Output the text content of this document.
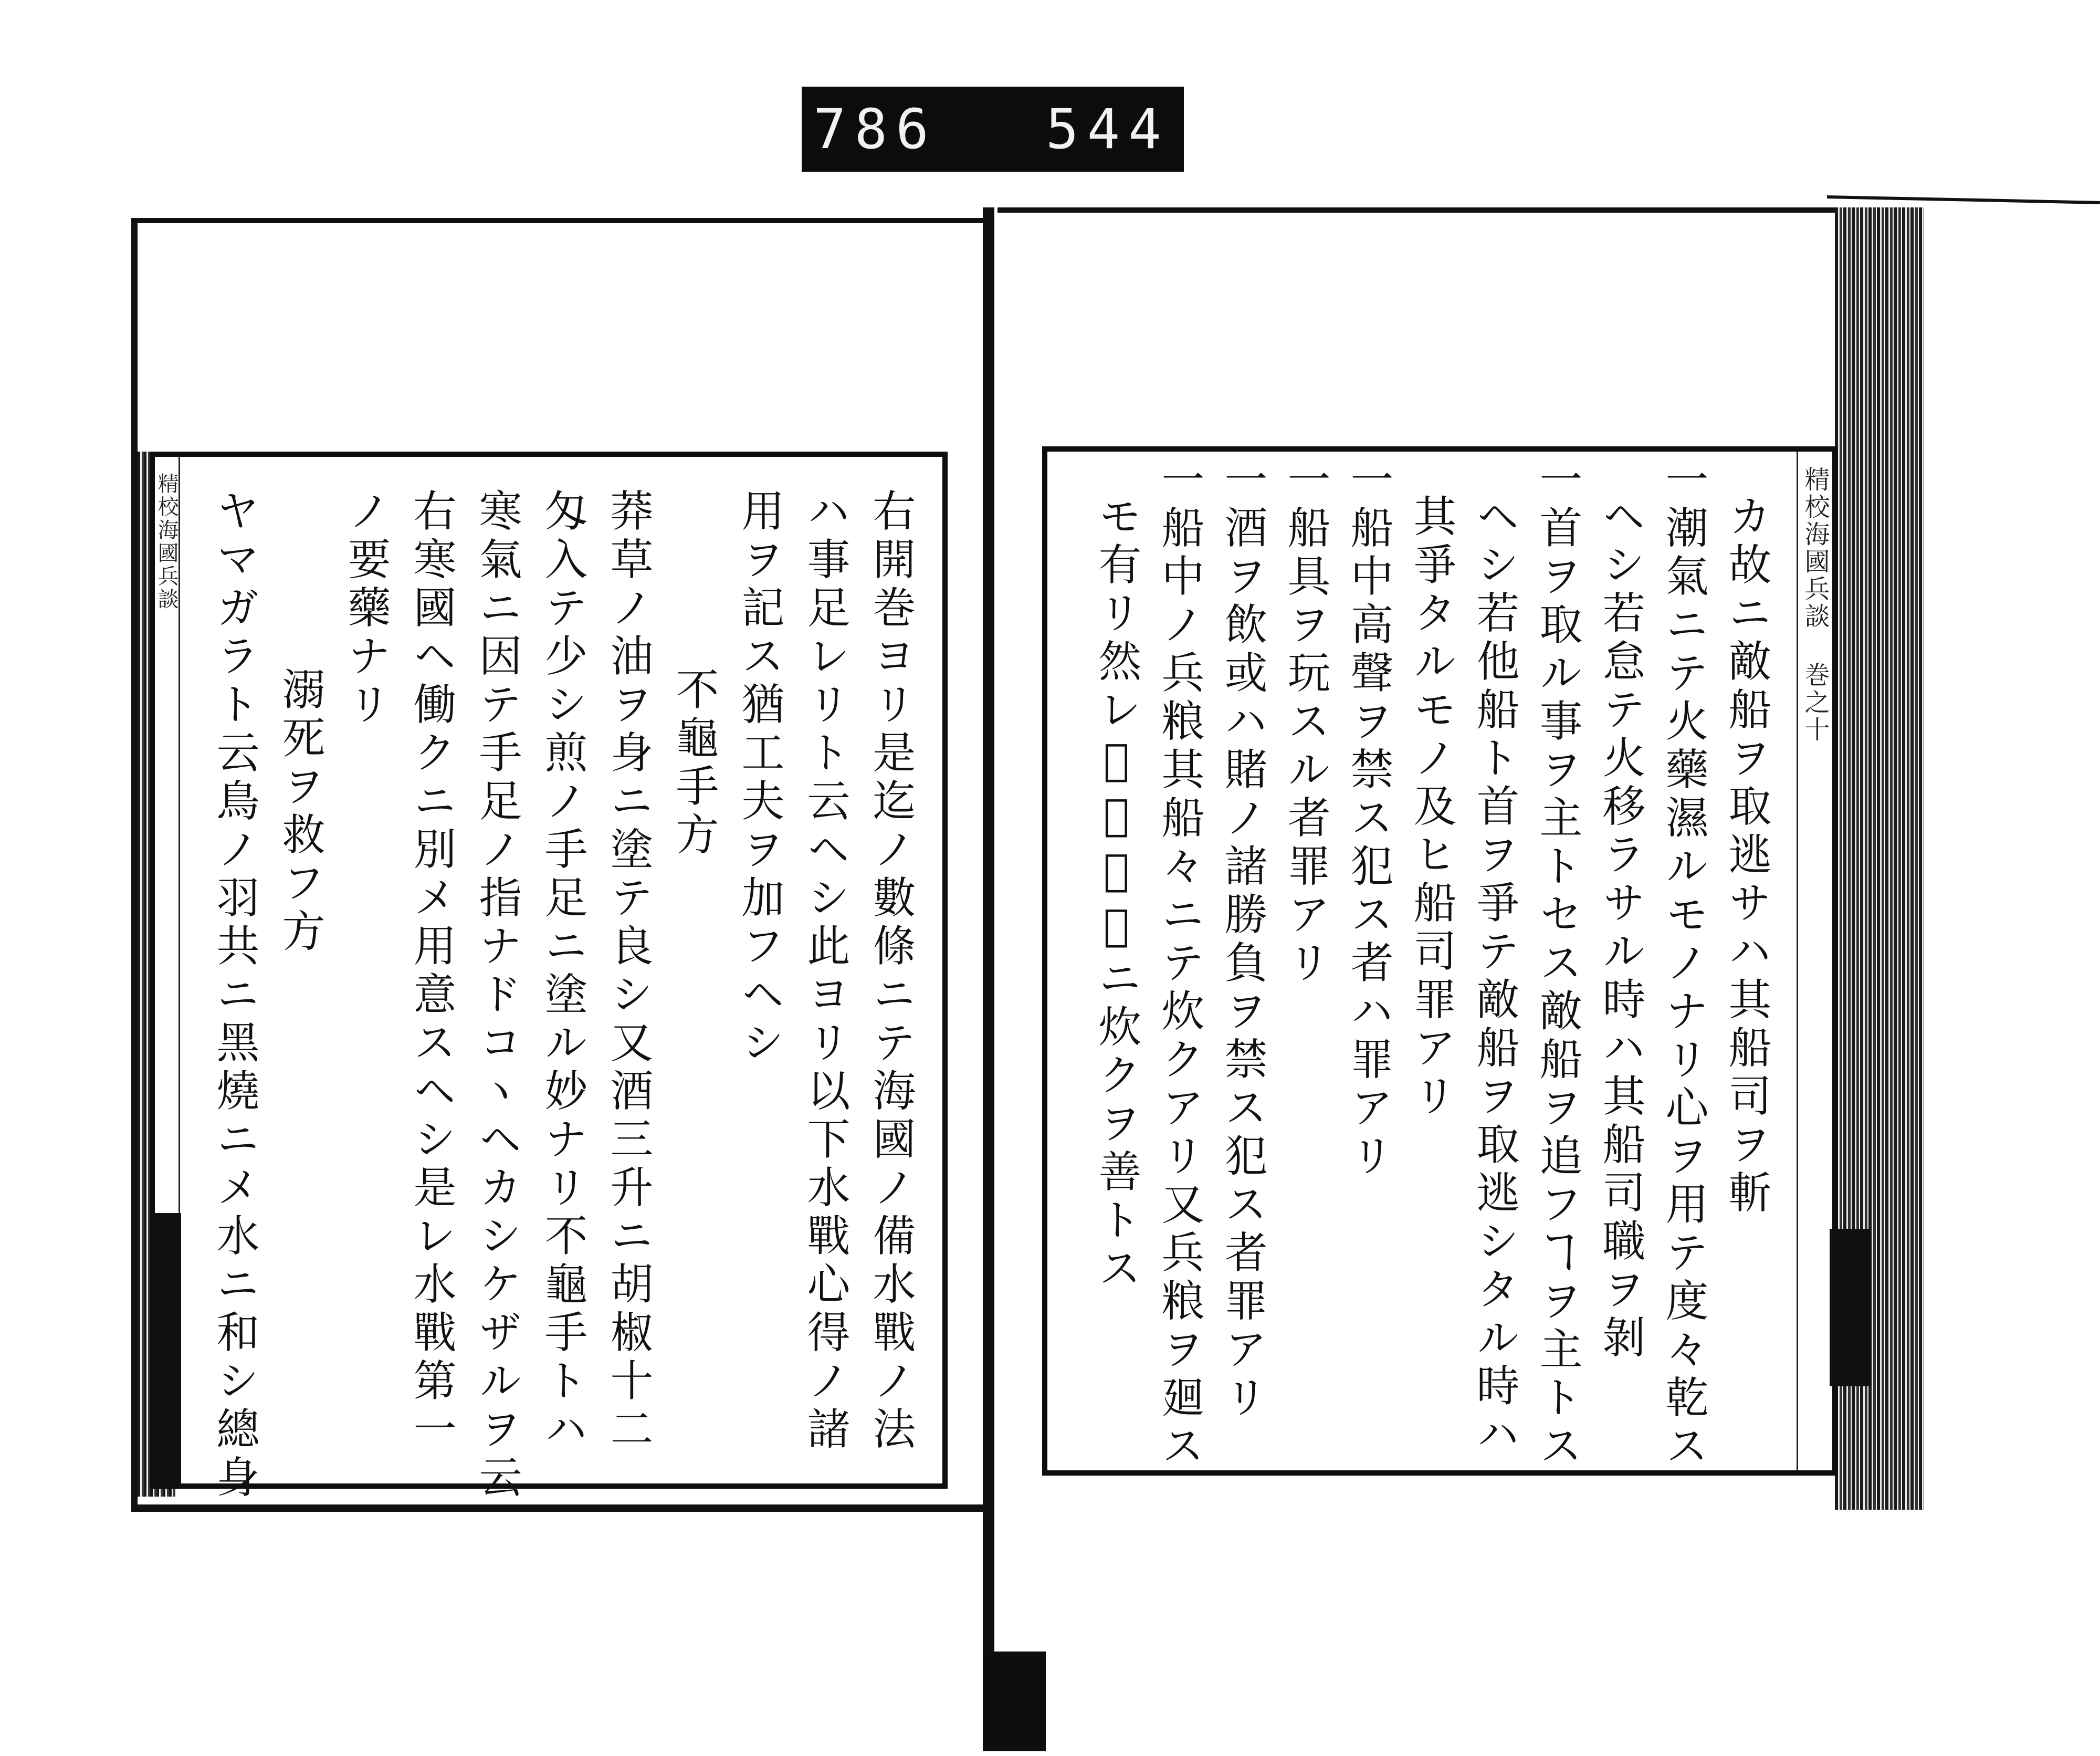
786 544
精校海國兵談	右開巻ヨリ是迄ノ數條ニテ海國ノ備水戰ノ法
ハ事足レリト云ヘシ此ヨリ以下水戰心得ノ諸
用ヲ記ス猶工夫ヲ加フヘシ
不龜手方
莽草ノ油ヲ身ニ塗テ良シ又酒三升ニ胡椒十二
匁入テ少シ煎ノ手足ニ塗ル妙ナリ不龜手トハ
寒氣ニ因テ手足ノ指ナドコヽヘカシケザルヲ云
右寒國ヘ働クニ別メ用意スヘシ是レ水戰第一
ノ要藥ナリ
溺死ヲ救フ方
ヤマガラト云鳥ノ羽共ニ黑燒ニメ水ニ和シ總身	精校海國兵談 巻之十
カ故ニ敵船ヲ取逃サハ其船司ヲ斬
一潮氣ニテ火藥濕ルモノナリ心ヲ用テ度々乾ス
ヘシ若怠テ火移ラサル時ハ其船司職ヲ剝
一首ヲ取ル事ヲ主トセス敵船ヲ追フヿヲ主トス
ヘシ若他船ト首ヲ爭テ敵船ヲ取逃シタル時ハ
其爭タルモノ及ヒ船司罪アリ
一船中高聲ヲ禁ス犯ス者ハ罪アリ
一船具ヲ玩スル者罪アリ
一酒ヲ飲或ハ賭ノ諸勝負ヲ禁ス犯ス者罪アリ
一船中ノ兵粮其船々ニテ炊クアリ又兵粮ヲ廻ス
モ有リ然レ𪜈一船切ニ炊クヲ善トス
